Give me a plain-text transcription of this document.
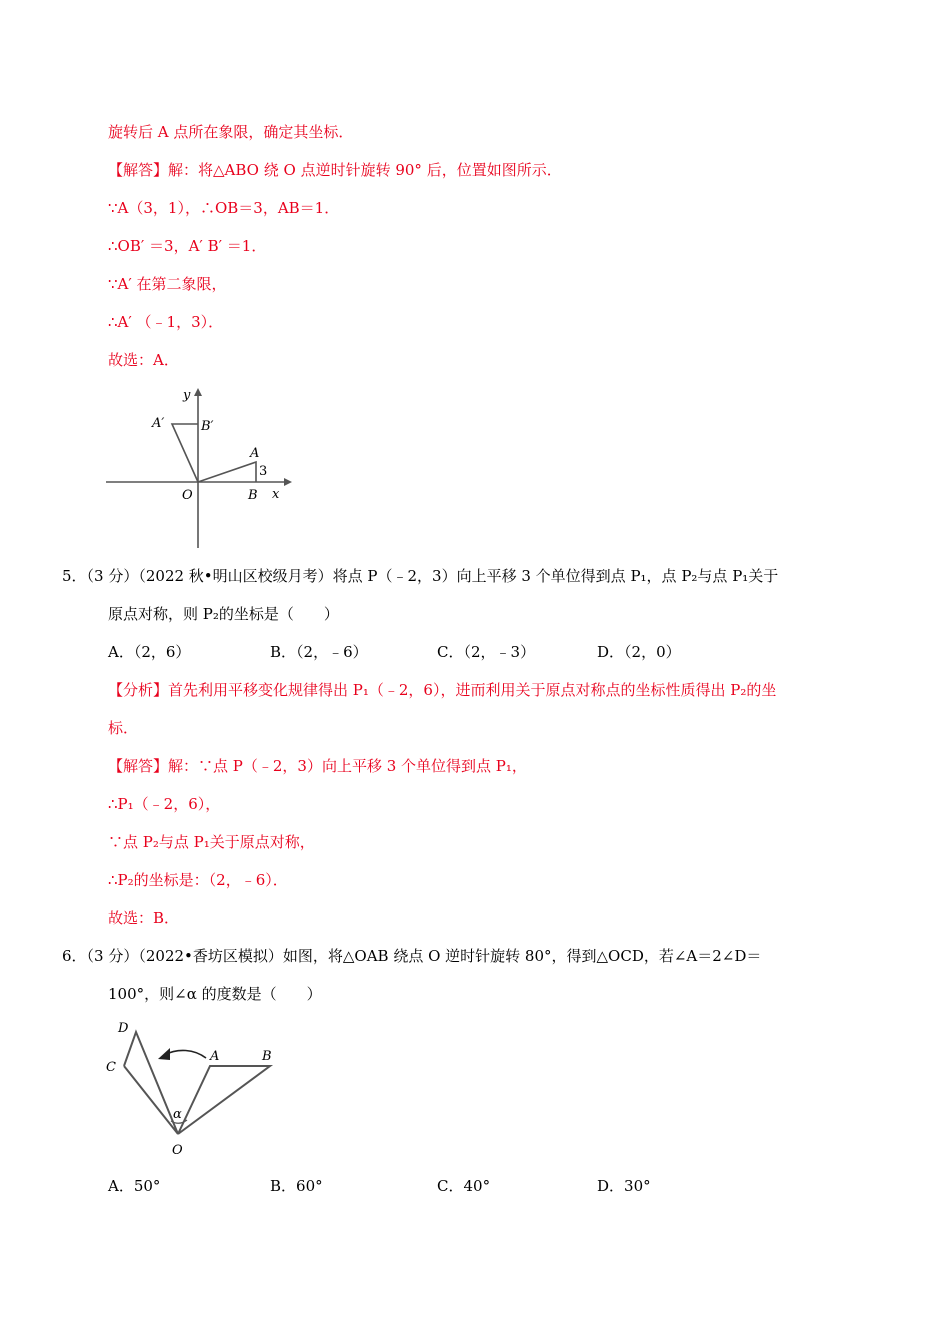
旋转后 A 点所在象限，确定其坐标．
【解答】解：将△ABO 绕 O 点逆时针旋转 90° 后，位置如图所示．
∵A（3，1），∴OB＝3，AB＝1．
∴OB′ ＝3，A′ B′ ＝1．
∵A′ 在第二象限，
∴A′ （﹣1，3）．
故选：A．
y
x
O
A
B
A′	B′
3
5．（3 分）（2022 秋•明山区校级月考）将点 P（﹣2，3）向上平移 3 个单位得到点 P₁，点 P₂与点 P₁关于
原点对称，则 P₂的坐标是（　　）
A．（2，6）	B．（2，﹣6）	C．（2，﹣3）	D．（2，0）
【分析】首先利用平移变化规律得出 P₁（﹣2，6），进而利用关于原点对称点的坐标性质得出 P₂的坐
标．
【解答】解：∵点 P（﹣2，3）向上平移 3 个单位得到点 P₁，
∴P₁（﹣2，6），
∵点 P₂与点 P₁关于原点对称，
∴P₂的坐标是：（2，﹣6）．
故选：B．
6．（3 分）（2022•香坊区模拟）如图，将△OAB 绕点 O 逆时针旋转 80°，得到△OCD，若∠A＝2∠D＝
100°，则∠α 的度数是（　　）
D
C
O
A	B
α
A．50°	B．60°	C．40°	D．30°
